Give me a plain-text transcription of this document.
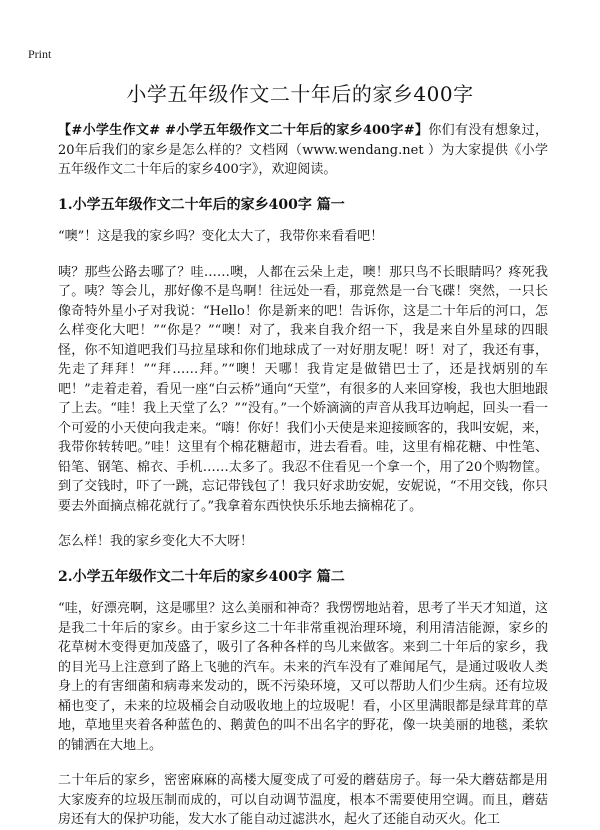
Print
小学五年级作文二十年后的家乡400字

【#小学生作文# #小学五年级作文二十年后的家乡400字#】你们有没有想象过，20年后我们的家乡是怎么样的？文档网（www.wendang.net ）为大家提供《小学五年级作文二十年后的家乡400字》，欢迎阅读。

1.小学五年级作文二十年后的家乡400字 篇一

“噢”！这是我的家乡吗？变化太大了，我带你来看看吧！

咦？那些公路去哪了？哇……噢，人都在云朵上走，噢！那只鸟不长眼睛吗？疼死我了。咦？等会儿，那好像不是鸟啊！往远处一看，那竟然是一台飞碟！突然，一只长像奇特外星小孑对我说：“Hello！你是新来的吧！告诉你，这是二十年后的河口，怎么样变化大吧！”“你是？”“噢！对了，我来自我介绍一下，我是来自外星球的四眼怪，你不知道吧我们马拉星球和你们地球成了一对好朋友呢！呀！对了，我还有事，先走了拜拜！”“拜……拜。”“噢！天哪！我肯定是做错巴士了，还是找炳别的车吧！”走着走着，看见一座“白云桥”通向“天堂”，有很多的人来回穿梭，我也大胆地跟了上去。“哇！我上天堂了么？”“没有。”一个娇滴滴的声音从我耳边响起，回头一看一个可爱的小天使向我走来。“嗨！你好！我们小天使是来迎接顾客的，我叫安妮，来，我带你转转吧。”哇！这里有个棉花糖超市，进去看看。哇，这里有棉花糖、中性笔、铅笔、钢笔、棉衣、手机……太多了。我忍不住看见一个拿一个，用了20个购物筐。到了交钱时，吓了一跳，忘记带钱包了！我只好求助安妮，安妮说，“不用交钱，你只要去外面摘点棉花就行了。”我拿着东西快快乐乐地去摘棉花了。

怎么样！我的家乡变化大不大呀！

2.小学五年级作文二十年后的家乡400字 篇二

“哇，好漂亮啊，这是哪里？这么美丽和神奇？我愣愣地站着，思考了半天才知道，这是我二十年后的家乡。由于家乡这二十年非常重视治理环境，利用清洁能源，家乡的花草树木变得更加茂盛了，吸引了各种各样的鸟儿来做客。来到二十年后的家乡，我的目光马上注意到了路上飞驰的汽车。未来的汽车没有了难闻尾气，是通过吸收人类身上的有害细菌和病毒来发动的，既不污染环境，又可以帮助人们少生病。还有垃圾桶也变了，未来的垃圾桶会自动吸收地上的垃圾呢！看，小区里满眼都是绿茸茸的草地，草地里夹着各种蓝色的、鹅黄色的叫不出名字的野花，像一块美丽的地毯，柔软的铺洒在大地上。

二十年后的家乡，密密麻麻的高楼大厦变成了可爱的蘑菇房子。每一朵大蘑菇都是用大家废弃的垃圾压制而成的，可以自动调节温度，根本不需要使用空调。而且，蘑菇房还有大的保护功能，发大水了能自动过滤洪水，起火了还能自动灭火。化工
